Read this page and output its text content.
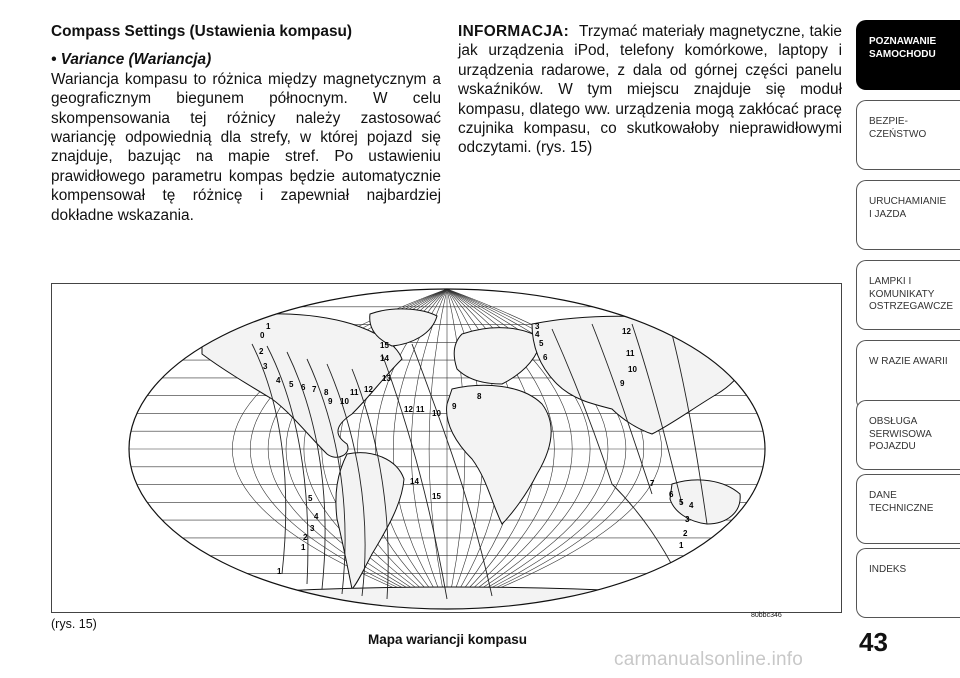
Compass Settings (Ustawienia kompasu)

• Variance (Wariancja)

Wariancja kompasu to różnica między magnetycznym a geograficznym biegunem północnym. W celu skompensowania tej różnicy należy zastosować wariancję odpowiednią dla strefy, w której pojazd się znajduje, bazując na mapie stref. Po ustawieniu prawidłowego parametru kompas będzie automatycznie kompensował tę różnicę i zapewniał najbardziej dokładne wskazania.

INFORMACJA: Trzymać materiały magnetyczne, takie jak urządzenia iPod, telefony komórkowe, laptopy i urządzenia radarowe, z dala od górnej części panelu wskaźników. W tym miejscu znajduje się moduł kompasu, dlatego ww. urządzenia mogą zakłócać pracę czujnika kompasu, co skutkowałoby nieprawidłowymi odczytami. (rys. 15)

1
2
3
4 5 6 7 8
9 10
11 12
13
14
15
12 11 10
9
8
14
15
5
4
3
2
1
3
4
5
6
12
11
10
9
7
6
5 4
3
2
1
0
1
80bbc346
(rys. 15)
Mapa wariancji kompasu	43
carmanualsonline.info
POZNAWANIE SAMOCHODU
BEZPIE-CZEŃSTWO
URUCHAMIANIE I JAZDA
LAMPKI I KOMUNIKATY OSTRZEGAWCZE
W RAZIE AWARII
OBSŁUGA SERWISOWA POJAZDU
DANE TECHNICZNE
INDEKS
